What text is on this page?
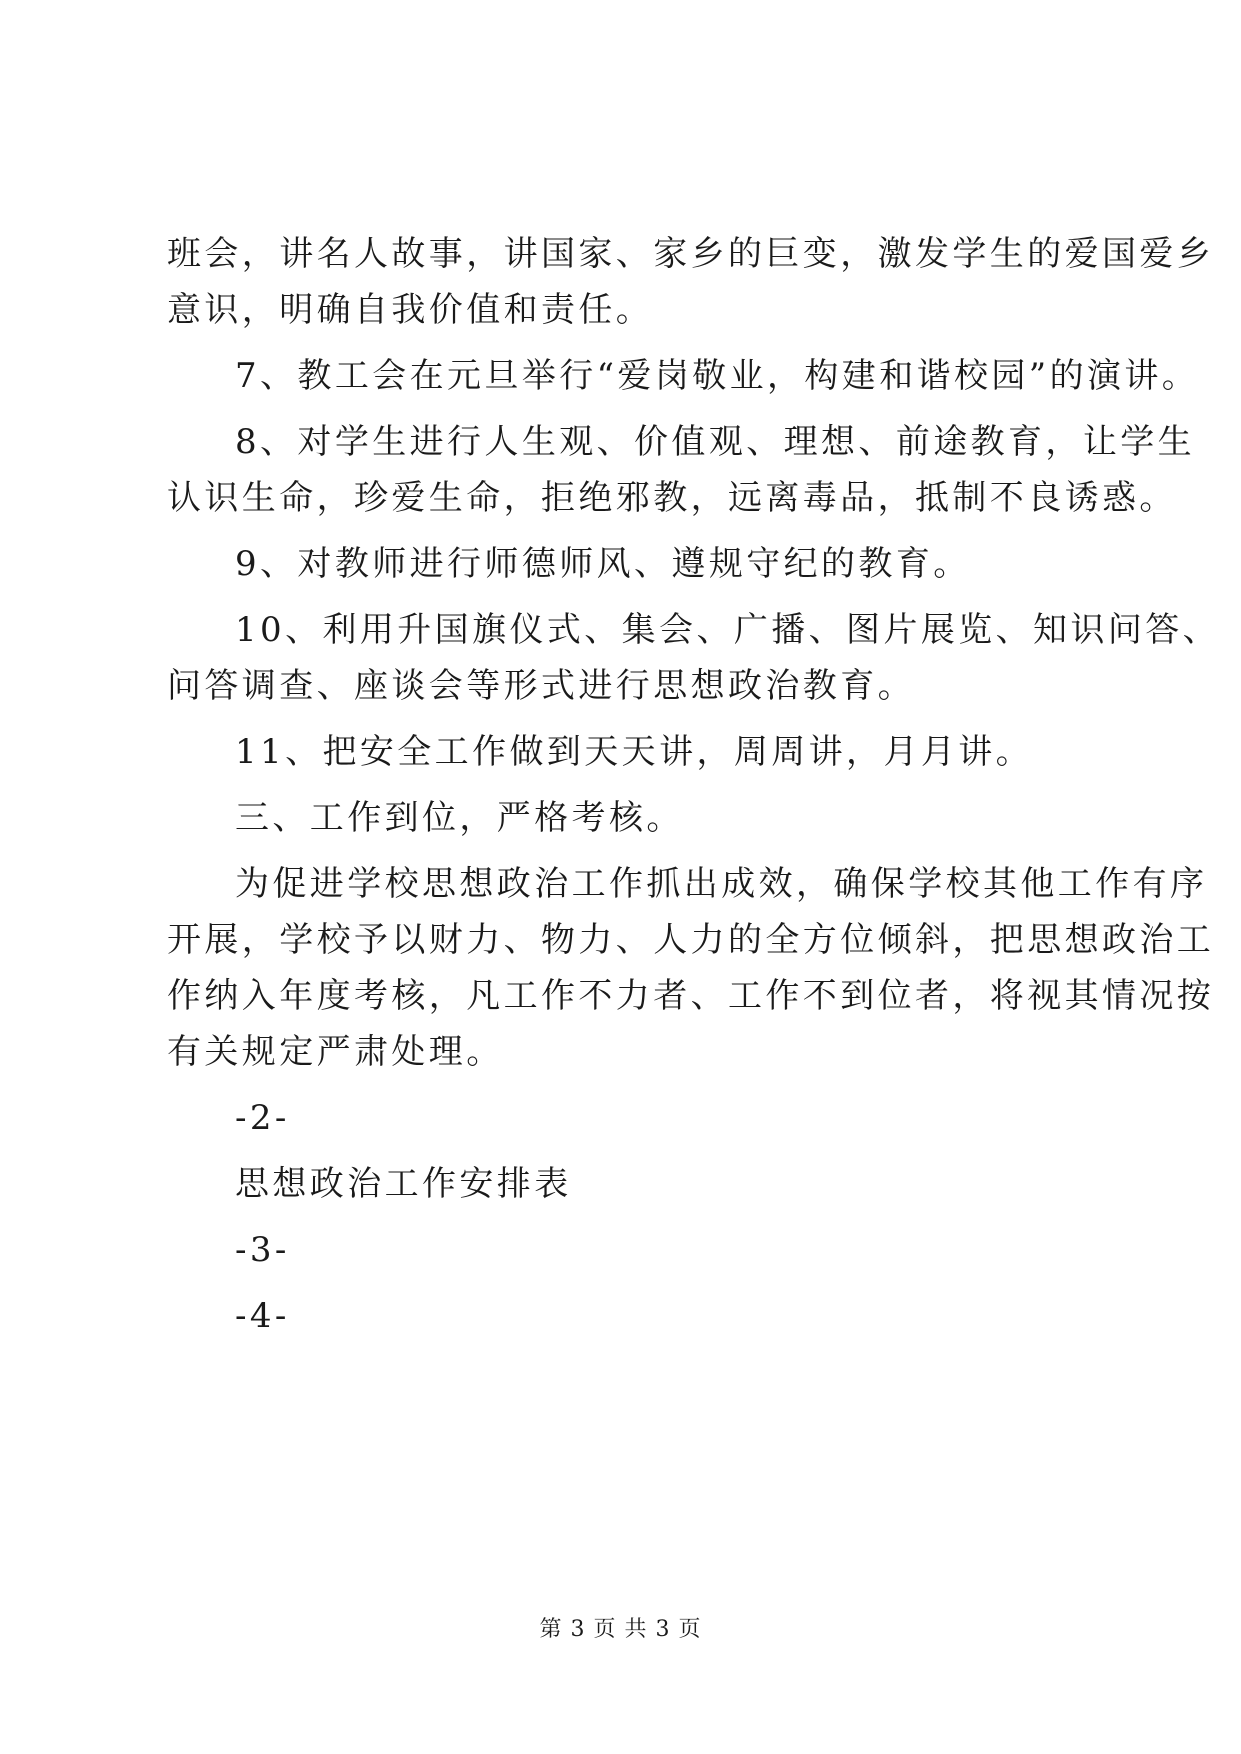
班会，讲名人故事，讲国家、家乡的巨变，激发学生的爱国爱乡
意识，明确自我价值和责任。

7、教工会在元旦举行“爱岗敬业，构建和谐校园”的演讲。

8、对学生进行人生观、价值观、理想、前途教育，让学生
认识生命，珍爱生命，拒绝邪教，远离毒品，抵制不良诱惑。

9、对教师进行师德师风、遵规守纪的教育。

10、利用升国旗仪式、集会、广播、图片展览、知识问答、
问答调查、座谈会等形式进行思想政治教育。

11、把安全工作做到天天讲，周周讲，月月讲。

三、工作到位，严格考核。

为促进学校思想政治工作抓出成效，确保学校其他工作有序
开展，学校予以财力、物力、人力的全方位倾斜，把思想政治工
作纳入年度考核，凡工作不力者、工作不到位者，将视其情况按
有关规定严肃处理。

-2-

思想政治工作安排表

-3-

-4-

第 3 页 共 3 页
